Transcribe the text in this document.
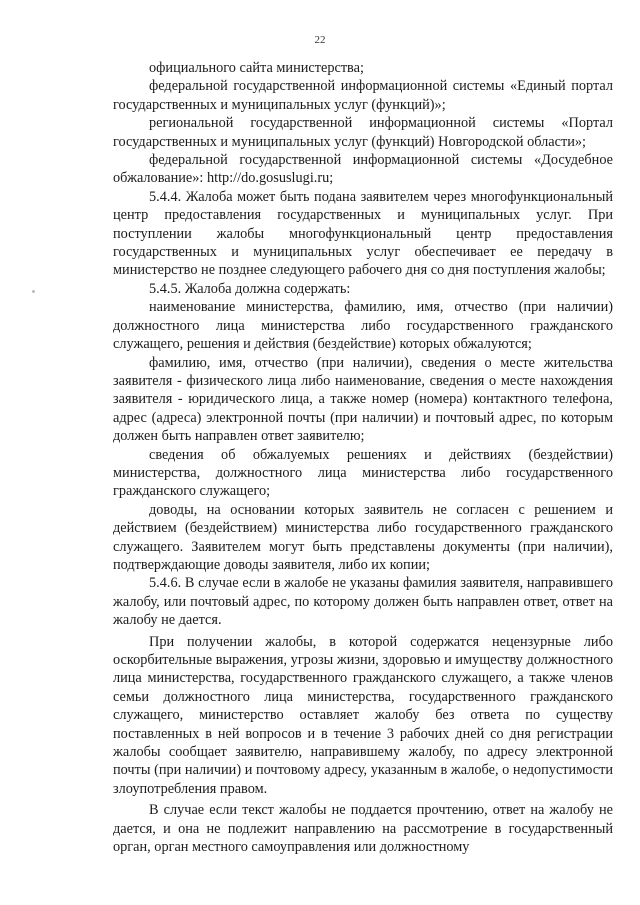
22

официального сайта министерства;

федеральной государственной информационной системы «Единый портал государственных и муниципальных услуг (функций)»;

региональной государственной информационной системы «Портал государственных и муниципальных услуг (функций) Новгородской области»;

федеральной государственной информационной системы «Досудебное обжалование»: http://do.gosuslugi.ru;

5.4.4. Жалоба может быть подана заявителем через многофункциональный центр предоставления государственных и муниципальных услуг. При поступлении жалобы многофункциональный центр предоставления государственных и муниципальных услуг обеспечивает ее передачу в министерство не позднее следующего рабочего дня со дня поступления жалобы;

5.4.5. Жалоба должна содержать:

наименование министерства, фамилию, имя, отчество (при наличии) должностного лица министерства либо государственного гражданского служащего, решения и действия (бездействие) которых обжалуются;

фамилию, имя, отчество (при наличии), сведения о месте жительства заявителя - физического лица либо наименование, сведения о месте нахождения заявителя - юридического лица, а также номер (номера) контактного телефона, адрес (адреса) электронной почты (при наличии) и почтовый адрес, по которым должен быть направлен ответ заявителю;

сведения об обжалуемых решениях и действиях (бездействии) министерства, должностного лица министерства либо государственного гражданского служащего;

доводы, на основании которых заявитель не согласен с решением и действием (бездействием) министерства либо государственного гражданского служащего. Заявителем могут быть представлены документы (при наличии), подтверждающие доводы заявителя, либо их копии;

5.4.6. В случае если в жалобе не указаны фамилия заявителя, направившего жалобу, или почтовый адрес, по которому должен быть направлен ответ, ответ на жалобу не дается.

При получении жалобы, в которой содержатся нецензурные либо оскорбительные выражения, угрозы жизни, здоровью и имуществу должностного лица министерства, государственного гражданского служащего, а также членов семьи должностного лица министерства, государственного гражданского служащего, министерство оставляет жалобу без ответа по существу поставленных в ней вопросов и в течение 3 рабочих дней со дня регистрации жалобы сообщает заявителю, направившему жалобу, по адресу электронной почты (при наличии) и почтовому адресу, указанным в жалобе, о недопустимости злоупотребления правом.

В случае если текст жалобы не поддается прочтению, ответ на жалобу не дается, и она не подлежит направлению на рассмотрение в государственный орган, орган местного самоуправления или должностному
